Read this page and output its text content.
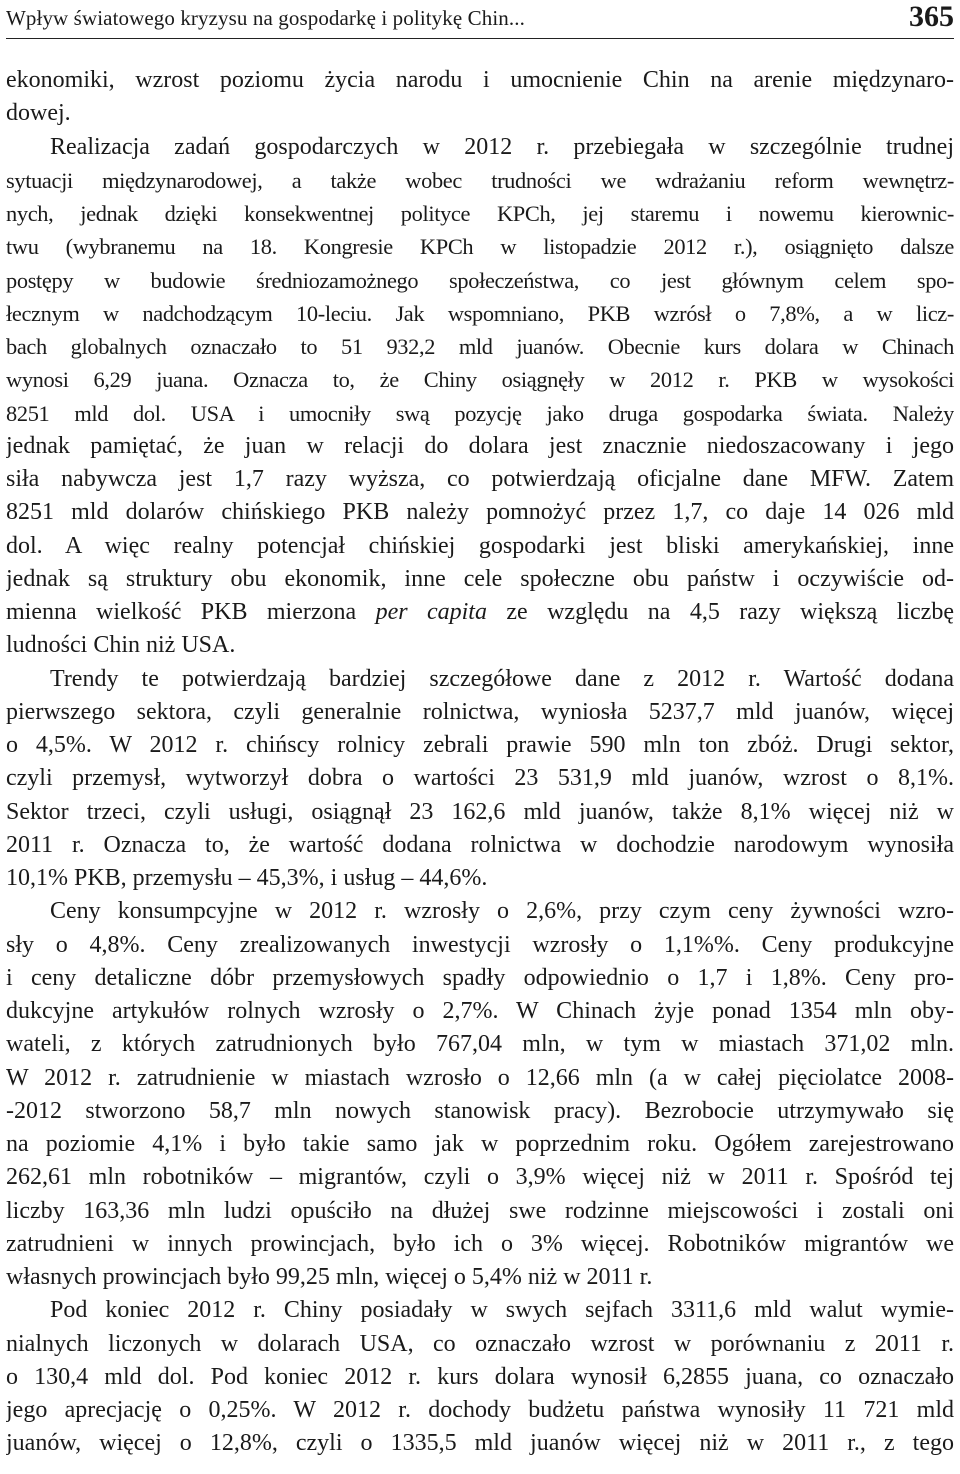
Wpływ światowego kryzysu na gospodarkę i politykę Chin...	365
ekonomiki, wzrost poziomu życia narodu i umocnienie Chin na arenie międzynaro-
dowej.
Realizacja zadań gospodarczych w 2012 r. przebiegała w szczególnie trudnej
sytuacji międzynarodowej, a także wobec trudności we wdrażaniu reform wewnętrz-
nych, jednak dzięki konsekwentnej polityce KPCh, jej staremu i nowemu kierownic-
twu (wybranemu na 18. Kongresie KPCh w listopadzie 2012 r.), osiągnięto dalsze
postępy w budowie średniozamożnego społeczeństwa, co jest głównym celem spo-
łecznym w nadchodzącym 10-leciu. Jak wspomniano, PKB wzrósł o 7,8%, a w licz-
bach globalnych oznaczało to 51 932,2 mld juanów. Obecnie kurs dolara w Chinach
wynosi 6,29 juana. Oznacza to, że Chiny osiągnęły w 2012 r. PKB w wysokości
8251 mld dol. USA i umocniły swą pozycję jako druga gospodarka świata. Należy
jednak pamiętać, że juan w relacji do dolara jest znacznie niedoszacowany i jego
siła nabywcza jest 1,7 razy wyższa, co potwierdzają oficjalne dane MFW. Zatem
8251 mld dolarów chińskiego PKB należy pomnożyć przez 1,7, co daje 14 026 mld
dol. A więc realny potencjał chińskiej gospodarki jest bliski amerykańskiej, inne
jednak są struktury obu ekonomik, inne cele społeczne obu państw i oczywiście od-
mienna wielkość PKB mierzona per capita ze względu na 4,5 razy większą liczbę
ludności Chin niż USA.
Trendy te potwierdzają bardziej szczegółowe dane z 2012 r. Wartość dodana
pierwszego sektora, czyli generalnie rolnictwa, wyniosła 5237,7 mld juanów, więcej
o 4,5%. W 2012 r. chińscy rolnicy zebrali prawie 590 mln ton zbóż. Drugi sektor,
czyli przemysł, wytworzył dobra o wartości 23 531,9 mld juanów, wzrost o 8,1%.
Sektor trzeci, czyli usługi, osiągnął 23 162,6 mld juanów, także 8,1% więcej niż w
2011 r. Oznacza to, że wartość dodana rolnictwa w dochodzie narodowym wynosiła
10,1% PKB, przemysłu – 45,3%, i usług – 44,6%.
Ceny konsumpcyjne w 2012 r. wzrosły o 2,6%, przy czym ceny żywności wzro-
sły o 4,8%. Ceny zrealizowanych inwestycji wzrosły o 1,1%%. Ceny produkcyjne
i ceny detaliczne dóbr przemysłowych spadły odpowiednio o 1,7 i 1,8%. Ceny pro-
dukcyjne artykułów rolnych wzrosły o 2,7%. W Chinach żyje ponad 1354 mln oby-
wateli, z których zatrudnionych było 767,04 mln, w tym w miastach 371,02 mln.
W 2012 r. zatrudnienie w miastach wzrosło o 12,66 mln (a w całej pięciolatce 2008-
-2012 stworzono 58,7 mln nowych stanowisk pracy). Bezrobocie utrzymywało się
na poziomie 4,1% i było takie samo jak w poprzednim roku. Ogółem zarejestrowano
262,61 mln robotników – migrantów, czyli o 3,9% więcej niż w 2011 r. Spośród tej
liczby 163,36 mln ludzi opuściło na dłużej swe rodzinne miejscowości i zostali oni
zatrudnieni w innych prowincjach, było ich o 3% więcej. Robotników migrantów we
własnych prowincjach było 99,25 mln, więcej o 5,4% niż w 2011 r.
Pod koniec 2012 r. Chiny posiadały w swych sejfach 3311,6 mld walut wymie-
nialnych liczonych w dolarach USA, co oznaczało wzrost w porównaniu z 2011 r.
o 130,4 mld dol. Pod koniec 2012 r. kurs dolara wynosił 6,2855 juana, co oznaczało
jego aprecjację o 0,25%. W 2012 r. dochody budżetu państwa wynosiły 11 721 mld
juanów, więcej o 12,8%, czyli o 1335,5 mld juanów więcej niż w 2011 r., z tego
